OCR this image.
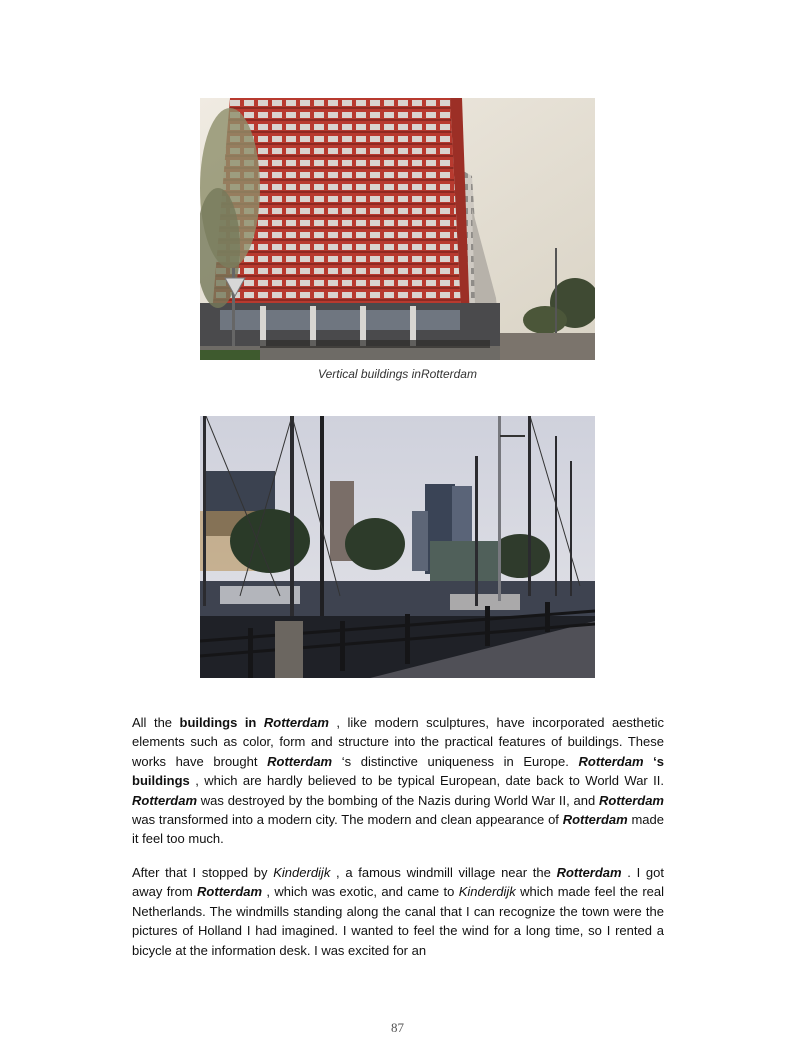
Vertical buildings inRotterdam

All the buildings in Rotterdam , like modern sculptures, have incorporated aesthetic elements such as color, form and structure into the practical features of buildings. These works have brought Rotterdam ‘s distinctive uniqueness in Europe. Rotterdam ‘s buildings , which are hardly believed to be typical European, date back to World War II. Rotterdam was destroyed by the bombing of the Nazis during World War II, and Rotterdam was transformed into a modern city. The modern and clean appearance of Rotterdam made it feel too much.

After that I stopped by Kinderdijk , a famous windmill village near the Rotterdam . I got away from Rotterdam , which was exotic, and came to Kinderdijk which made feel the real Netherlands. The windmills standing along the canal that I can recognize the town were the pictures of Holland I had imagined. I wanted to feel the wind for a long time, so I rented a bicycle at the information desk. I was excited for an

87
